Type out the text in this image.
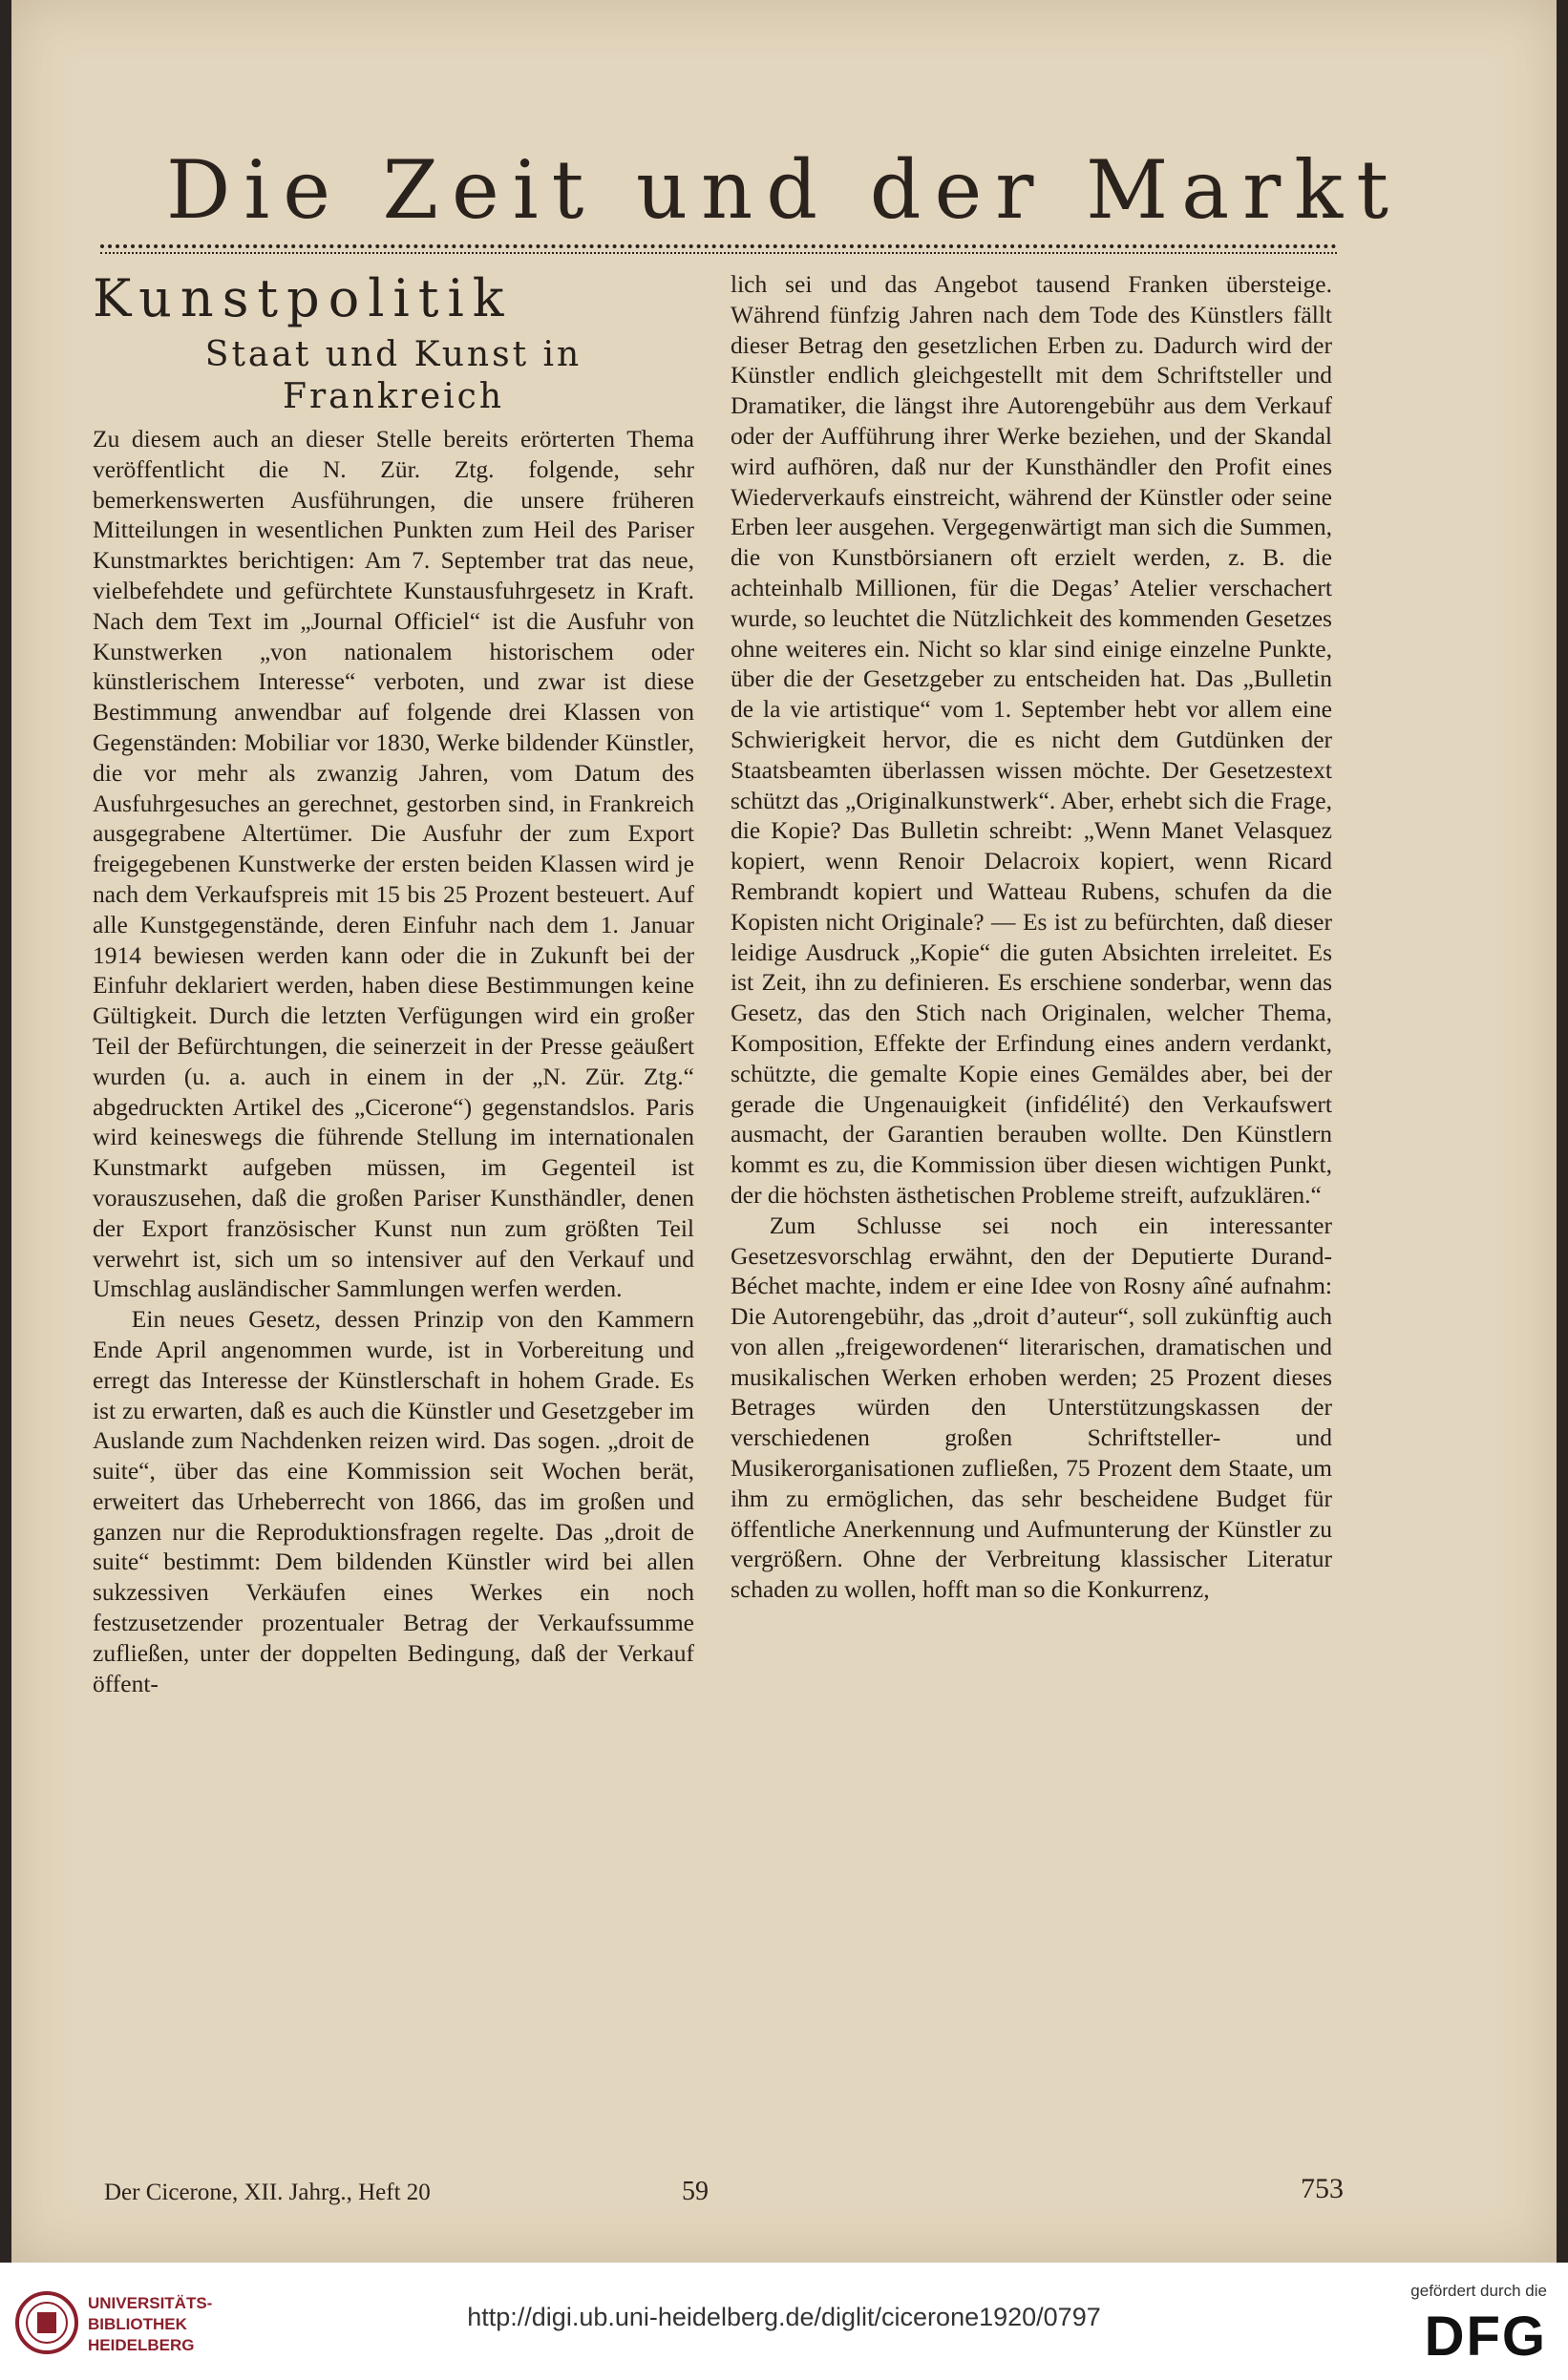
Die Zeit und der Markt
Kunstpolitik
Staat und Kunst in Frankreich

Zu diesem auch an dieser Stelle bereits erörterten Thema veröffentlicht die N. Zür. Ztg. folgende, sehr bemerkenswerten Ausführungen, die unsere früheren Mitteilungen in wesentlichen Punkten zum Heil des Pariser Kunstmarktes berichtigen: Am 7. September trat das neue, vielbefehdete und gefürchtete Kunstausfuhrgesetz in Kraft. Nach dem Text im „Journal Officiel“ ist die Ausfuhr von Kunstwerken „von nationalem historischem oder künstlerischem Interesse“ verboten, und zwar ist diese Bestimmung anwendbar auf folgende drei Klassen von Gegenständen: Mobiliar vor 1830, Werke bildender Künstler, die vor mehr als zwanzig Jahren, vom Datum des Ausfuhrgesuches an gerechnet, gestorben sind, in Frankreich ausgegrabene Altertümer. Die Ausfuhr der zum Export freigegebenen Kunstwerke der ersten beiden Klassen wird je nach dem Verkaufspreis mit 15 bis 25 Prozent besteuert. Auf alle Kunstgegenstände, deren Einfuhr nach dem 1. Januar 1914 bewiesen werden kann oder die in Zukunft bei der Einfuhr deklariert werden, haben diese Bestimmungen keine Gültigkeit. Durch die letzten Verfügungen wird ein großer Teil der Befürchtungen, die seinerzeit in der Presse geäußert wurden (u. a. auch in einem in der „N. Zür. Ztg.“ abgedruckten Artikel des „Cicerone“) gegenstandslos. Paris wird keineswegs die führende Stellung im internationalen Kunstmarkt aufgeben müssen, im Gegenteil ist vorauszusehen, daß die großen Pariser Kunsthändler, denen der Export französischer Kunst nun zum größten Teil verwehrt ist, sich um so intensiver auf den Verkauf und Umschlag ausländischer Sammlungen werfen werden.

Ein neues Gesetz, dessen Prinzip von den Kammern Ende April angenommen wurde, ist in Vorbereitung und erregt das Interesse der Künstlerschaft in hohem Grade. Es ist zu erwarten, daß es auch die Künstler und Gesetzgeber im Auslande zum Nachdenken reizen wird. Das sogen. „droit de suite“, über das eine Kommission seit Wochen berät, erweitert das Urheberrecht von 1866, das im großen und ganzen nur die Reproduktionsfragen regelte. Das „droit de suite“ bestimmt: Dem bildenden Künstler wird bei allen sukzessiven Verkäufen eines Werkes ein noch festzusetzender prozentualer Betrag der Verkaufssumme zufließen, unter der doppelten Bedingung, daß der Verkauf öffent-

lich sei und das Angebot tausend Franken übersteige. Während fünfzig Jahren nach dem Tode des Künstlers fällt dieser Betrag den gesetzlichen Erben zu. Dadurch wird der Künstler endlich gleichgestellt mit dem Schriftsteller und Dramatiker, die längst ihre Autorengebühr aus dem Verkauf oder der Aufführung ihrer Werke beziehen, und der Skandal wird aufhören, daß nur der Kunsthändler den Profit eines Wiederverkaufs einstreicht, während der Künstler oder seine Erben leer ausgehen. Vergegenwärtigt man sich die Summen, die von Kunstbörsianern oft erzielt werden, z. B. die achteinhalb Millionen, für die Degas’ Atelier verschachert wurde, so leuchtet die Nützlichkeit des kommenden Gesetzes ohne weiteres ein. Nicht so klar sind einige einzelne Punkte, über die der Gesetzgeber zu entscheiden hat. Das „Bulletin de la vie artistique“ vom 1. September hebt vor allem eine Schwierigkeit hervor, die es nicht dem Gutdünken der Staatsbeamten überlassen wissen möchte. Der Gesetzestext schützt das „Originalkunstwerk“. Aber, erhebt sich die Frage, die Kopie? Das Bulletin schreibt: „Wenn Manet Velasquez kopiert, wenn Renoir Delacroix kopiert, wenn Ricard Rembrandt kopiert und Watteau Rubens, schufen da die Kopisten nicht Originale? — Es ist zu befürchten, daß dieser leidige Ausdruck „Kopie“ die guten Absichten irreleitet. Es ist Zeit, ihn zu definieren. Es erschiene sonderbar, wenn das Gesetz, das den Stich nach Originalen, welcher Thema, Komposition, Effekte der Erfindung eines andern verdankt, schützte, die gemalte Kopie eines Gemäldes aber, bei der gerade die Ungenauigkeit (infidélité) den Verkaufswert ausmacht, der Garantien berauben wollte. Den Künstlern kommt es zu, die Kommission über diesen wichtigen Punkt, der die höchsten ästhetischen Probleme streift, aufzuklären.“

Zum Schlusse sei noch ein interessanter Gesetzesvorschlag erwähnt, den der Deputierte Durand-Béchet machte, indem er eine Idee von Rosny aîné aufnahm: Die Autorengebühr, das „droit d’auteur“, soll zukünftig auch von allen „freigewordenen“ literarischen, dramatischen und musikalischen Werken erhoben werden; 25 Prozent dieses Betrages würden den Unterstützungskassen der verschiedenen großen Schriftsteller- und Musikerorganisationen zufließen, 75 Prozent dem Staate, um ihm zu ermöglichen, das sehr bescheidene Budget für öffentliche Anerkennung und Aufmunterung der Künstler zu vergrößern. Ohne der Verbreitung klassischer Literatur schaden zu wollen, hofft man so die Konkurrenz,

Der Cicerone, XII. Jahrg., Heft 20	59	753
UNIVERSITÄTS-
BIBLIOTHEK
HEIDELBERG
http://digi.ub.uni-heidelberg.de/diglit/cicerone1920/0797
gefördert durch die
DFG
